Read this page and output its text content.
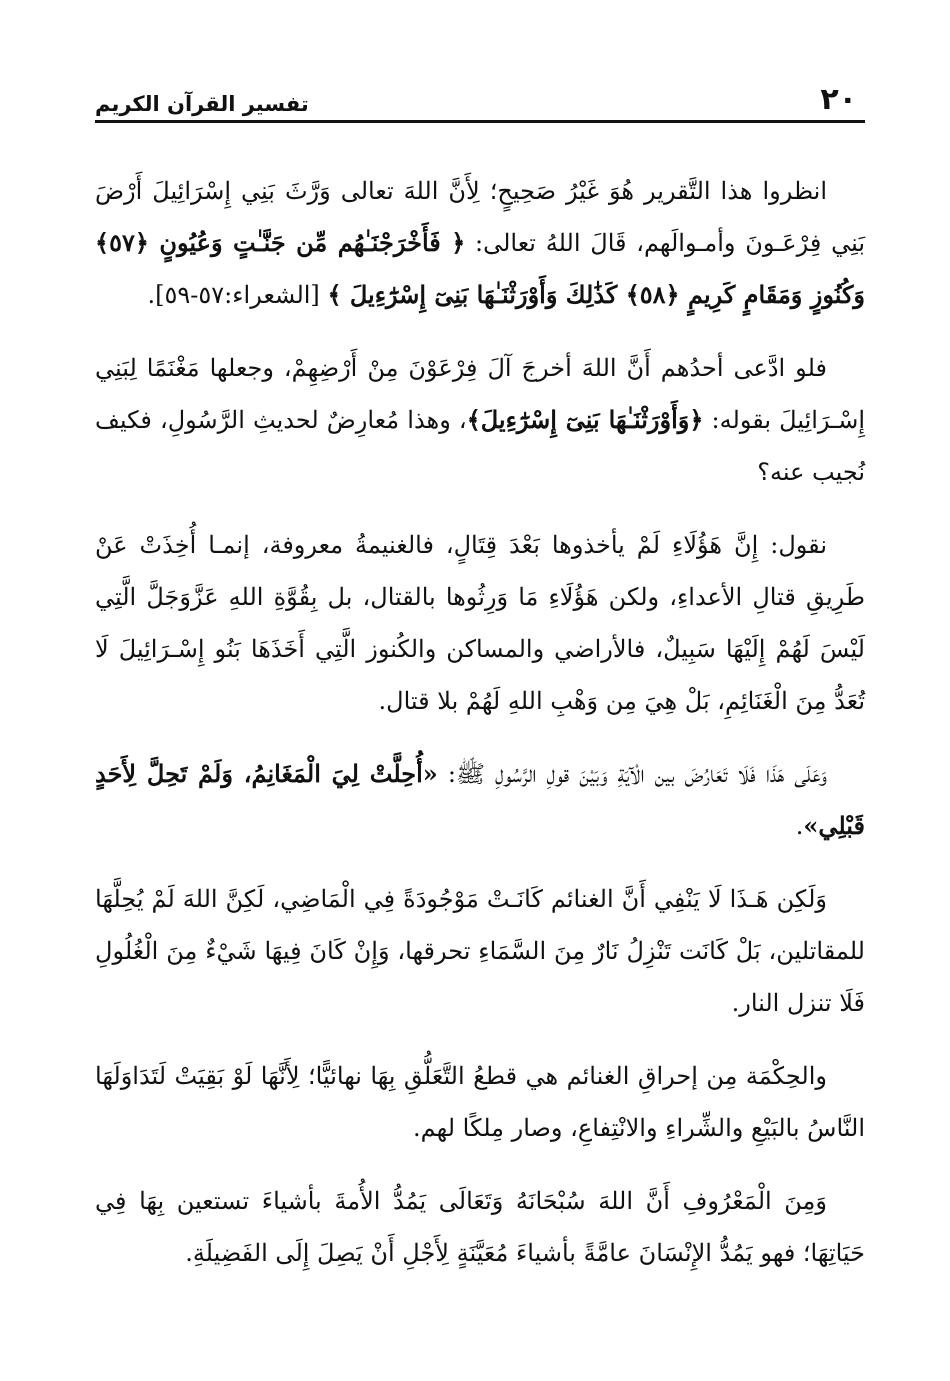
٢٠
تفسير القرآن الكريم

انظروا هذا التَّقرير هُوَ غَيْرُ صَحِيحٍ؛ لِأَنَّ اللهَ تعالى وَرَّثَ بَنِي إِسْرَائِيلَ أَرْضَ بَنِي فِرْعَـونَ وأمـوالَهم، قَالَ اللهُ تعالى: ﴿ فَأَخْرَجْنَـٰهُم مِّن جَنَّـٰتٍ وَعُيُونٍ ﴿٥٧﴾ وَكُنُوزٍ وَمَقَامٍ كَرِيمٍ ﴿٥٨﴾ كَذَٰلِكَ وَأَوْرَثْنَـٰهَا بَنِىٓ إِسْرَٰٓءِيلَ ﴾ [الشعراء:٥٧-٥٩].

فلو ادَّعى أحدُهم أَنَّ اللهَ أخرجَ آلَ فِرْعَوْنَ مِنْ أَرْضِهِمْ، وجعلها مَغْنَمًا لِبَنِي إِسْـرَائِيلَ بقوله: ﴿وَأَوْرَثْنَـٰهَا بَنِىٓ إِسْرَٰٓءِيلَ﴾، وهذا مُعارِضٌ لحديثِ الرَّسُولِ، فكيف نُجيب عنه؟

نقول: إِنَّ هَؤُلَاءِ لَمْ يأخذوها بَعْدَ قِتَالٍ، فالغنيمةُ معروفة، إنمـا أُخِذَتْ عَنْ طَرِيقِ قتالِ الأعداءِ، ولكن هَؤُلَاءِ مَا وَرِثُوها بالقتال، بل بِقُوَّةِ اللهِ عَزَّوَجَلَّ الَّتِي لَيْسَ لَهُمْ إِلَيْهَا سَبِيلٌ، فالأراضي والمساكن والكُنوز الَّتِي أَخَذَهَا بَنُو إِسْـرَائِيلَ لَا تُعَدُّ مِنَ الْغَنَائِمِ، بَلْ هِيَ مِن وَهْبِ اللهِ لَهُمْ بلا قتال.

وَعَلَى هَذَا فَلَا تَعَارُضَ بين الْآيَةِ وَبَيْنَ قولِ الرَّسُولِ ﷺ: «أُحِلَّتْ لِيَ الْمَغَانِمُ، وَلَمْ تَحِلَّ لِأَحَدٍ قَبْلِي».

وَلَكِن هَـذَا لَا يَنْفِي أَنَّ الغنائم كَانَـتْ مَوْجُودَةً فِي الْمَاضِي، لَكِنَّ اللهَ لَمْ يُحِلَّهَا للمقاتلين، بَلْ كَانَت تَنْزِلُ نَارٌ مِنَ السَّمَاءِ تحرقها، وَإِنْ كَانَ فِيهَا شَيْءٌ مِنَ الْغُلُولِ فَلَا تنزل النار.

والحِكْمَة مِن إحراقِ الغنائم هي قطعُ التَّعَلُّقِ بِهَا نهائيًّا؛ لِأَنَّهَا لَوْ بَقِيَتْ لَتَدَاوَلَهَا النَّاسُ بالبَيْعِ والشِّراءِ والانْتِفاعِ، وصار مِلكًا لهم.

وَمِنَ الْمَعْرُوفِ أَنَّ اللهَ سُبْحَانَهُ وَتَعَالَى يَمُدُّ الأُمةَ بأشياءَ تستعين بِهَا فِي حَيَاتِهَا؛ فهو يَمُدُّ الإِنْسَانَ عامَّةً بأشياءَ مُعَيَّنَةٍ لِأَجْلِ أَنْ يَصِلَ إِلَى الفَضِيلَةِ.
